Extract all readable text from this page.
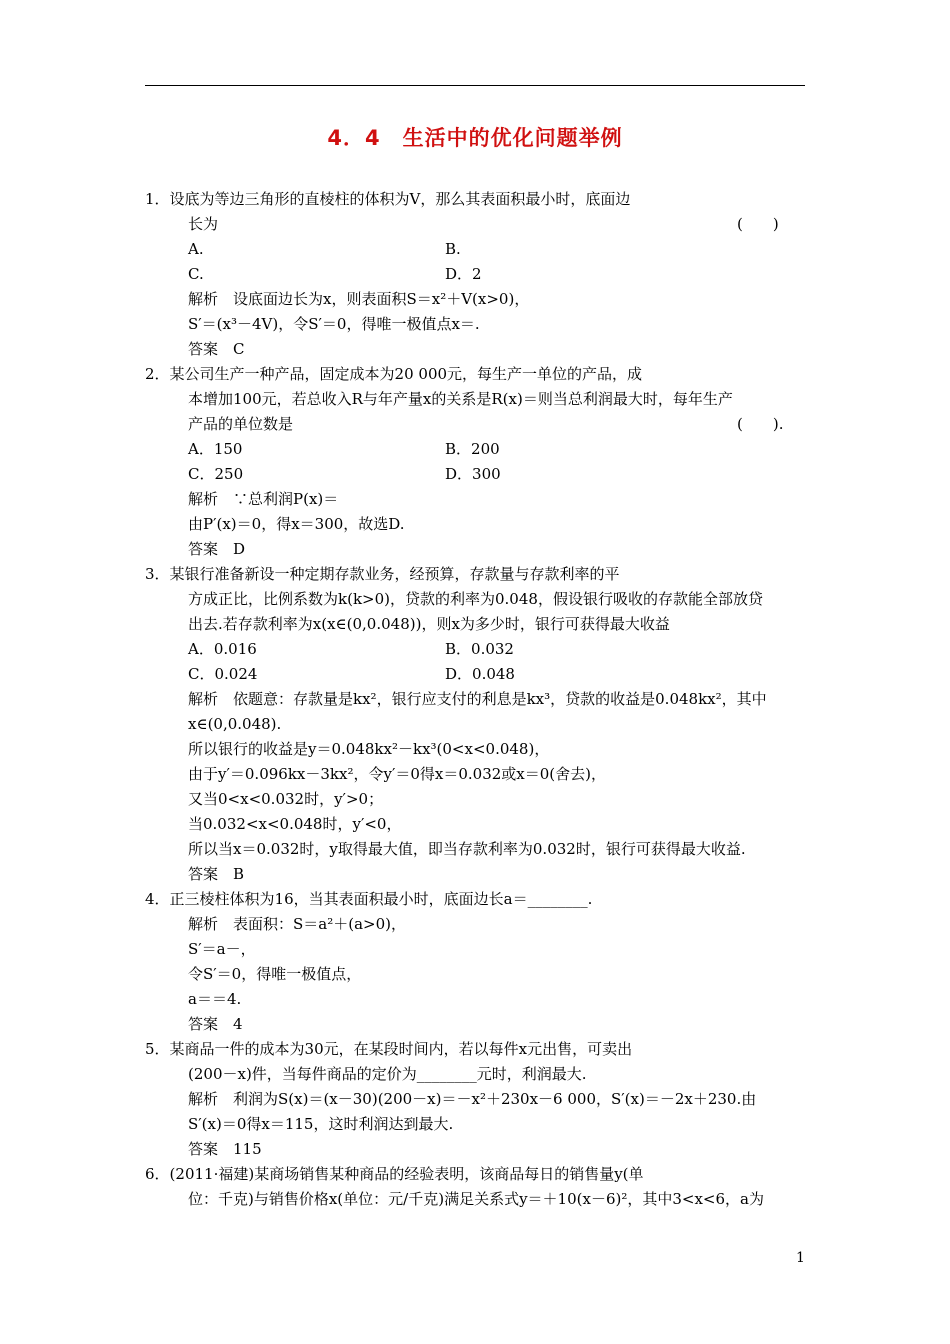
4．4　生活中的优化问题举例
1．设底为等边三角形的直棱柱的体积为V，那么其表面积最小时，底面边
长为	(　　)
A.	B.
C.	D．2
解析　设底面边长为x，则表面积S＝x²＋V(x>0)，
S′＝(x³－4V)，令S′＝0，得唯一极值点x＝.
答案　C
2．某公司生产一种产品，固定成本为20 000元，每生产一单位的产品，成
本增加100元，若总收入R与年产量x的关系是R(x)＝则当总利润最大时，每年生产
产品的单位数是	(　　).
A．150	B．200
C．250	D．300
解析　∵总利润P(x)＝
由P′(x)＝0，得x＝300，故选D.
答案　D
3．某银行准备新设一种定期存款业务，经预算，存款量与存款利率的平
方成正比，比例系数为k(k>0)，贷款的利率为0.048，假设银行吸收的存款能全部放贷
出去.若存款利率为x(x∈(0,0.048))，则x为多少时，银行可获得最大收益
A．0.016	B．0.032
C．0.024	D．0.048
解析　依题意：存款量是kx²，银行应支付的利息是kx³，贷款的收益是0.048kx²，其中
x∈(0,0.048).
所以银行的收益是y＝0.048kx²－kx³(0<x<0.048)，
由于y′＝0.096kx－3kx²，令y′＝0得x＝0.032或x＝0(舍去)，
又当0<x<0.032时，y′>0；
当0.032<x<0.048时，y′<0，
所以当x＝0.032时，y取得最大值，即当存款利率为0.032时，银行可获得最大收益.
答案　B
4．正三棱柱体积为16，当其表面积最小时，底面边长a＝________.
解析　表面积：S＝a²＋(a>0)，
S′＝a－，
令S′＝0，得唯一极值点，
a＝＝4.
答案　4
5．某商品一件的成本为30元，在某段时间内，若以每件x元出售，可卖出
(200－x)件，当每件商品的定价为________元时，利润最大.
解析　利润为S(x)＝(x－30)(200－x)＝－x²＋230x－6 000，S′(x)＝－2x＋230.由
S′(x)＝0得x＝115，这时利润达到最大.
答案　115
6．(2011·福建)某商场销售某种商品的经验表明，该商品每日的销售量y(单
位：千克)与销售价格x(单位：元/千克)满足关系式y＝＋10(x－6)²，其中3<x<6，a为
1
